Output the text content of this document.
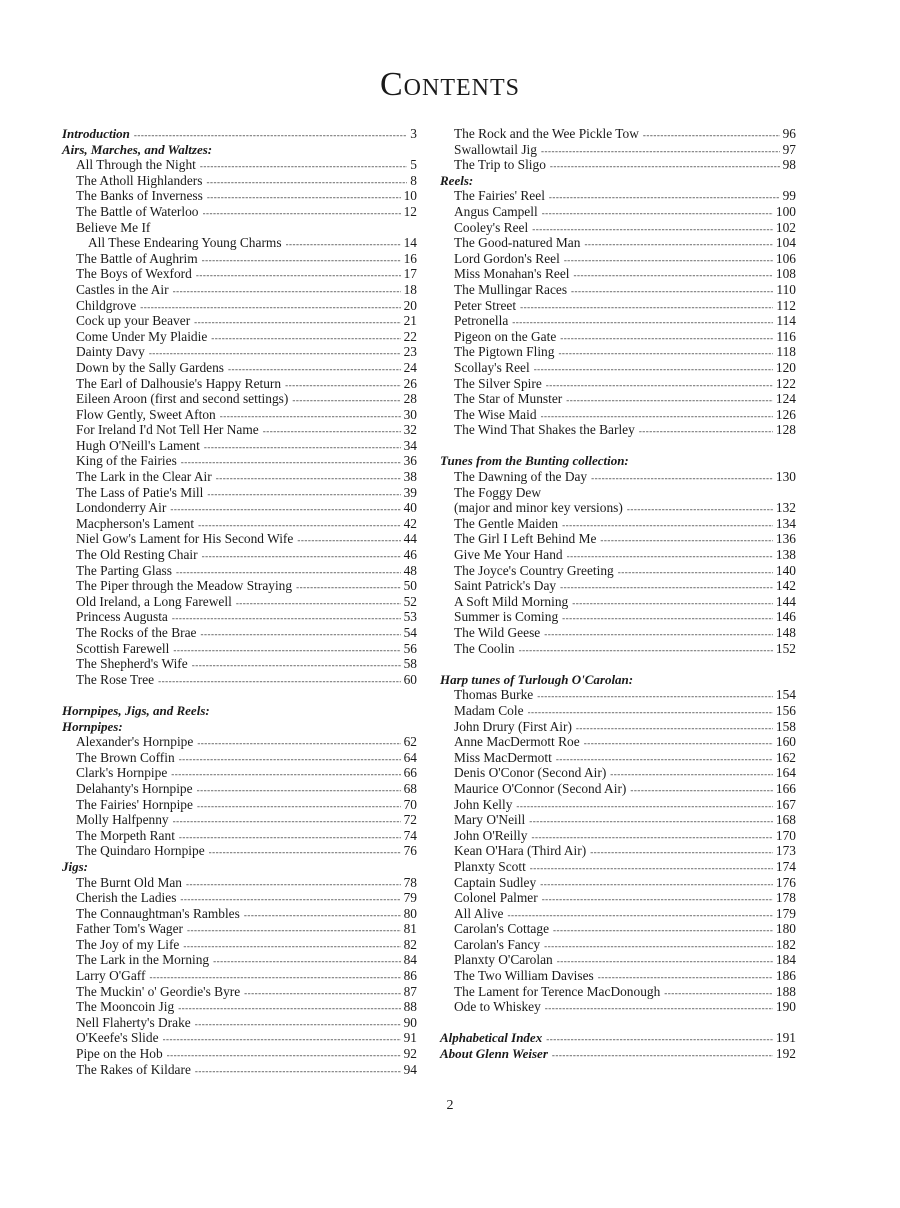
Contents
Introduction -----	3
Airs, Marches, and Waltzes:
All Through the Night -----	5
The Atholl Highlanders -----	8
The Banks of Inverness -----	10
The Battle of Waterloo -----	12
Believe Me If
All These Endearing Young Charms -----	14
The Battle of Aughrim -----	16
The Boys of Wexford -----	17
Castles in the Air -----	18
Childgrove -----	20
Cock up your Beaver -----	21
Come Under My Plaidie -----	22
Dainty Davy -----	23
Down by the Sally Gardens -----	24
The Earl of Dalhousie's Happy Return -----	26
Eileen Aroon (first and second settings) -----	28
Flow Gently, Sweet Afton -----	30
For Ireland I'd Not Tell Her Name -----	32
Hugh O'Neill's Lament -----	34
King of the Fairies -----	36
The Lark in the Clear Air -----	38
The Lass of Patie's Mill -----	39
Londonderry Air -----	40
Macpherson's Lament -----	42
Niel Gow's Lament for His Second Wife -----	44
The Old Resting Chair -----	46
The Parting Glass -----	48
The Piper through the Meadow Straying -----	50
Old Ireland, a Long Farewell -----	52
Princess Augusta -----	53
The Rocks of the Brae -----	54
Scottish Farewell -----	56
The Shepherd's Wife -----	58
The Rose Tree -----	60
Hornpipes, Jigs, and Reels:
Hornpipes:
Alexander's Hornpipe -----	62
The Brown Coffin -----	64
Clark's Hornpipe -----	66
Delahanty's Hornpipe -----	68
The Fairies' Hornpipe -----	70
Molly Halfpenny -----	72
The Morpeth Rant -----	74
The Quindaro Hornpipe -----	76
Jigs:
The Burnt Old Man -----	78
Cherish the Ladies -----	79
The Connaughtman's Rambles -----	80
Father Tom's Wager -----	81
The Joy of my Life -----	82
The Lark in the Morning -----	84
Larry O'Gaff -----	86
The Muckin' o' Geordie's Byre -----	87
The Mooncoin Jig -----	88
Nell Flaherty's Drake -----	90
O'Keefe's Slide -----	91
Pipe on the Hob -----	92
The Rakes of Kildare -----	94
The Rock and the Wee Pickle Tow -----	96
Swallowtail Jig -----	97
The Trip to Sligo -----	98
Reels:
The Fairies' Reel -----	99
Angus Campell -----	100
Cooley's Reel -----	102
The Good-natured Man -----	104
Lord Gordon's Reel -----	106
Miss Monahan's Reel -----	108
The Mullingar Races -----	110
Peter Street -----	112
Petronella -----	114
Pigeon on the Gate -----	116
The Pigtown Fling -----	118
Scollay's Reel -----	120
The Silver Spire -----	122
The Star of Munster -----	124
The Wise Maid -----	126
The Wind That Shakes the Barley -----	128
Tunes from the Bunting collection:
The Dawning of the Day -----	130
The Foggy Dew
(major and minor key versions) -----	132
The Gentle Maiden -----	134
The Girl I Left Behind Me -----	136
Give Me Your Hand -----	138
The Joyce's Country Greeting -----	140
Saint Patrick's Day -----	142
A Soft Mild Morning -----	144
Summer is Coming -----	146
The Wild Geese -----	148
The Coolin -----	152
Harp tunes of Turlough O'Carolan:
Thomas Burke -----	154
Madam Cole -----	156
John Drury (First Air) -----	158
Anne MacDermott Roe -----	160
Miss MacDermott -----	162
Denis O'Conor (Second Air) -----	164
Maurice O'Connor (Second Air) -----	166
John Kelly -----	167
Mary O'Neill -----	168
John O'Reilly -----	170
Kean O'Hara (Third Air) -----	173
Planxty Scott -----	174
Captain Sudley -----	176
Colonel Palmer -----	178
All Alive -----	179
Carolan's Cottage -----	180
Carolan's Fancy -----	182
Planxty O'Carolan -----	184
The Two William Davises -----	186
The Lament for Terence MacDonough -----	188
Ode to Whiskey -----	190
Alphabetical Index -----	191
About Glenn Weiser -----	192
2
